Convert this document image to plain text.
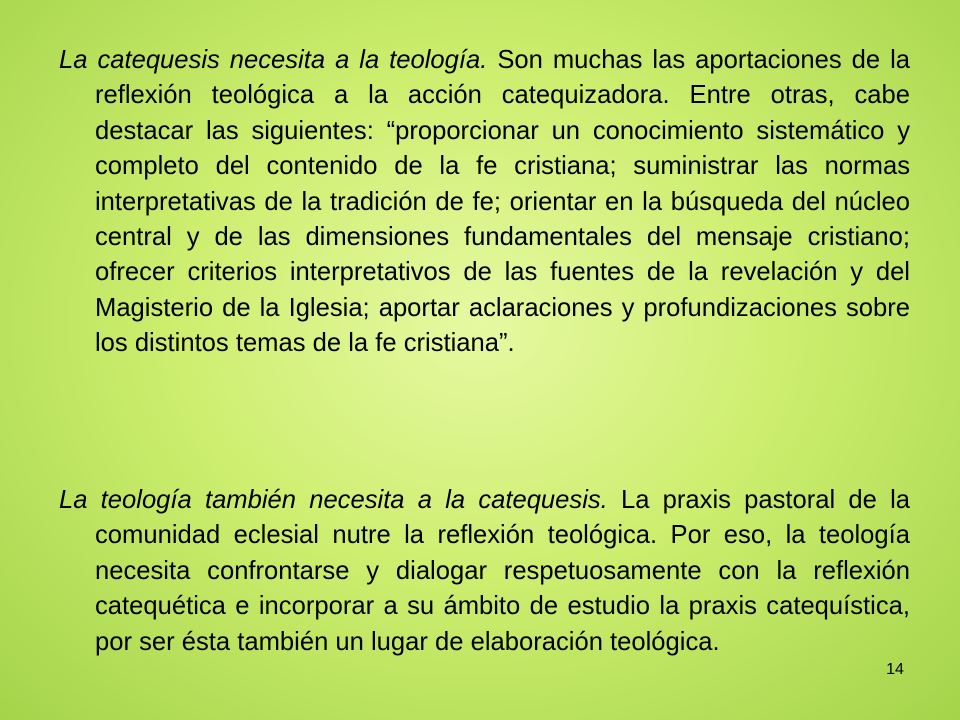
La catequesis necesita a la teología. Son muchas las aportaciones de la reflexión teológica a la acción catequizadora. Entre otras, cabe destacar las siguientes: “proporcionar un conocimiento sistemático y completo del contenido de la fe cristiana; suministrar las normas interpretativas de la tradición de fe; orientar en la búsqueda del núcleo central y de las dimensiones fundamentales del mensaje cristiano; ofrecer criterios interpretativos de las fuentes de la revelación y del Magisterio de la Iglesia; aportar aclaraciones y profundizaciones sobre los distintos temas de la fe cristiana”.

La teología también necesita a la catequesis. La praxis pastoral de la comunidad eclesial nutre la reflexión teológica. Por eso, la teología necesita confrontarse y dialogar respetuosamente con la reflexión catequética e incorporar a su ámbito de estudio la praxis catequística, por ser ésta también un lugar de elaboración teológica.

14
